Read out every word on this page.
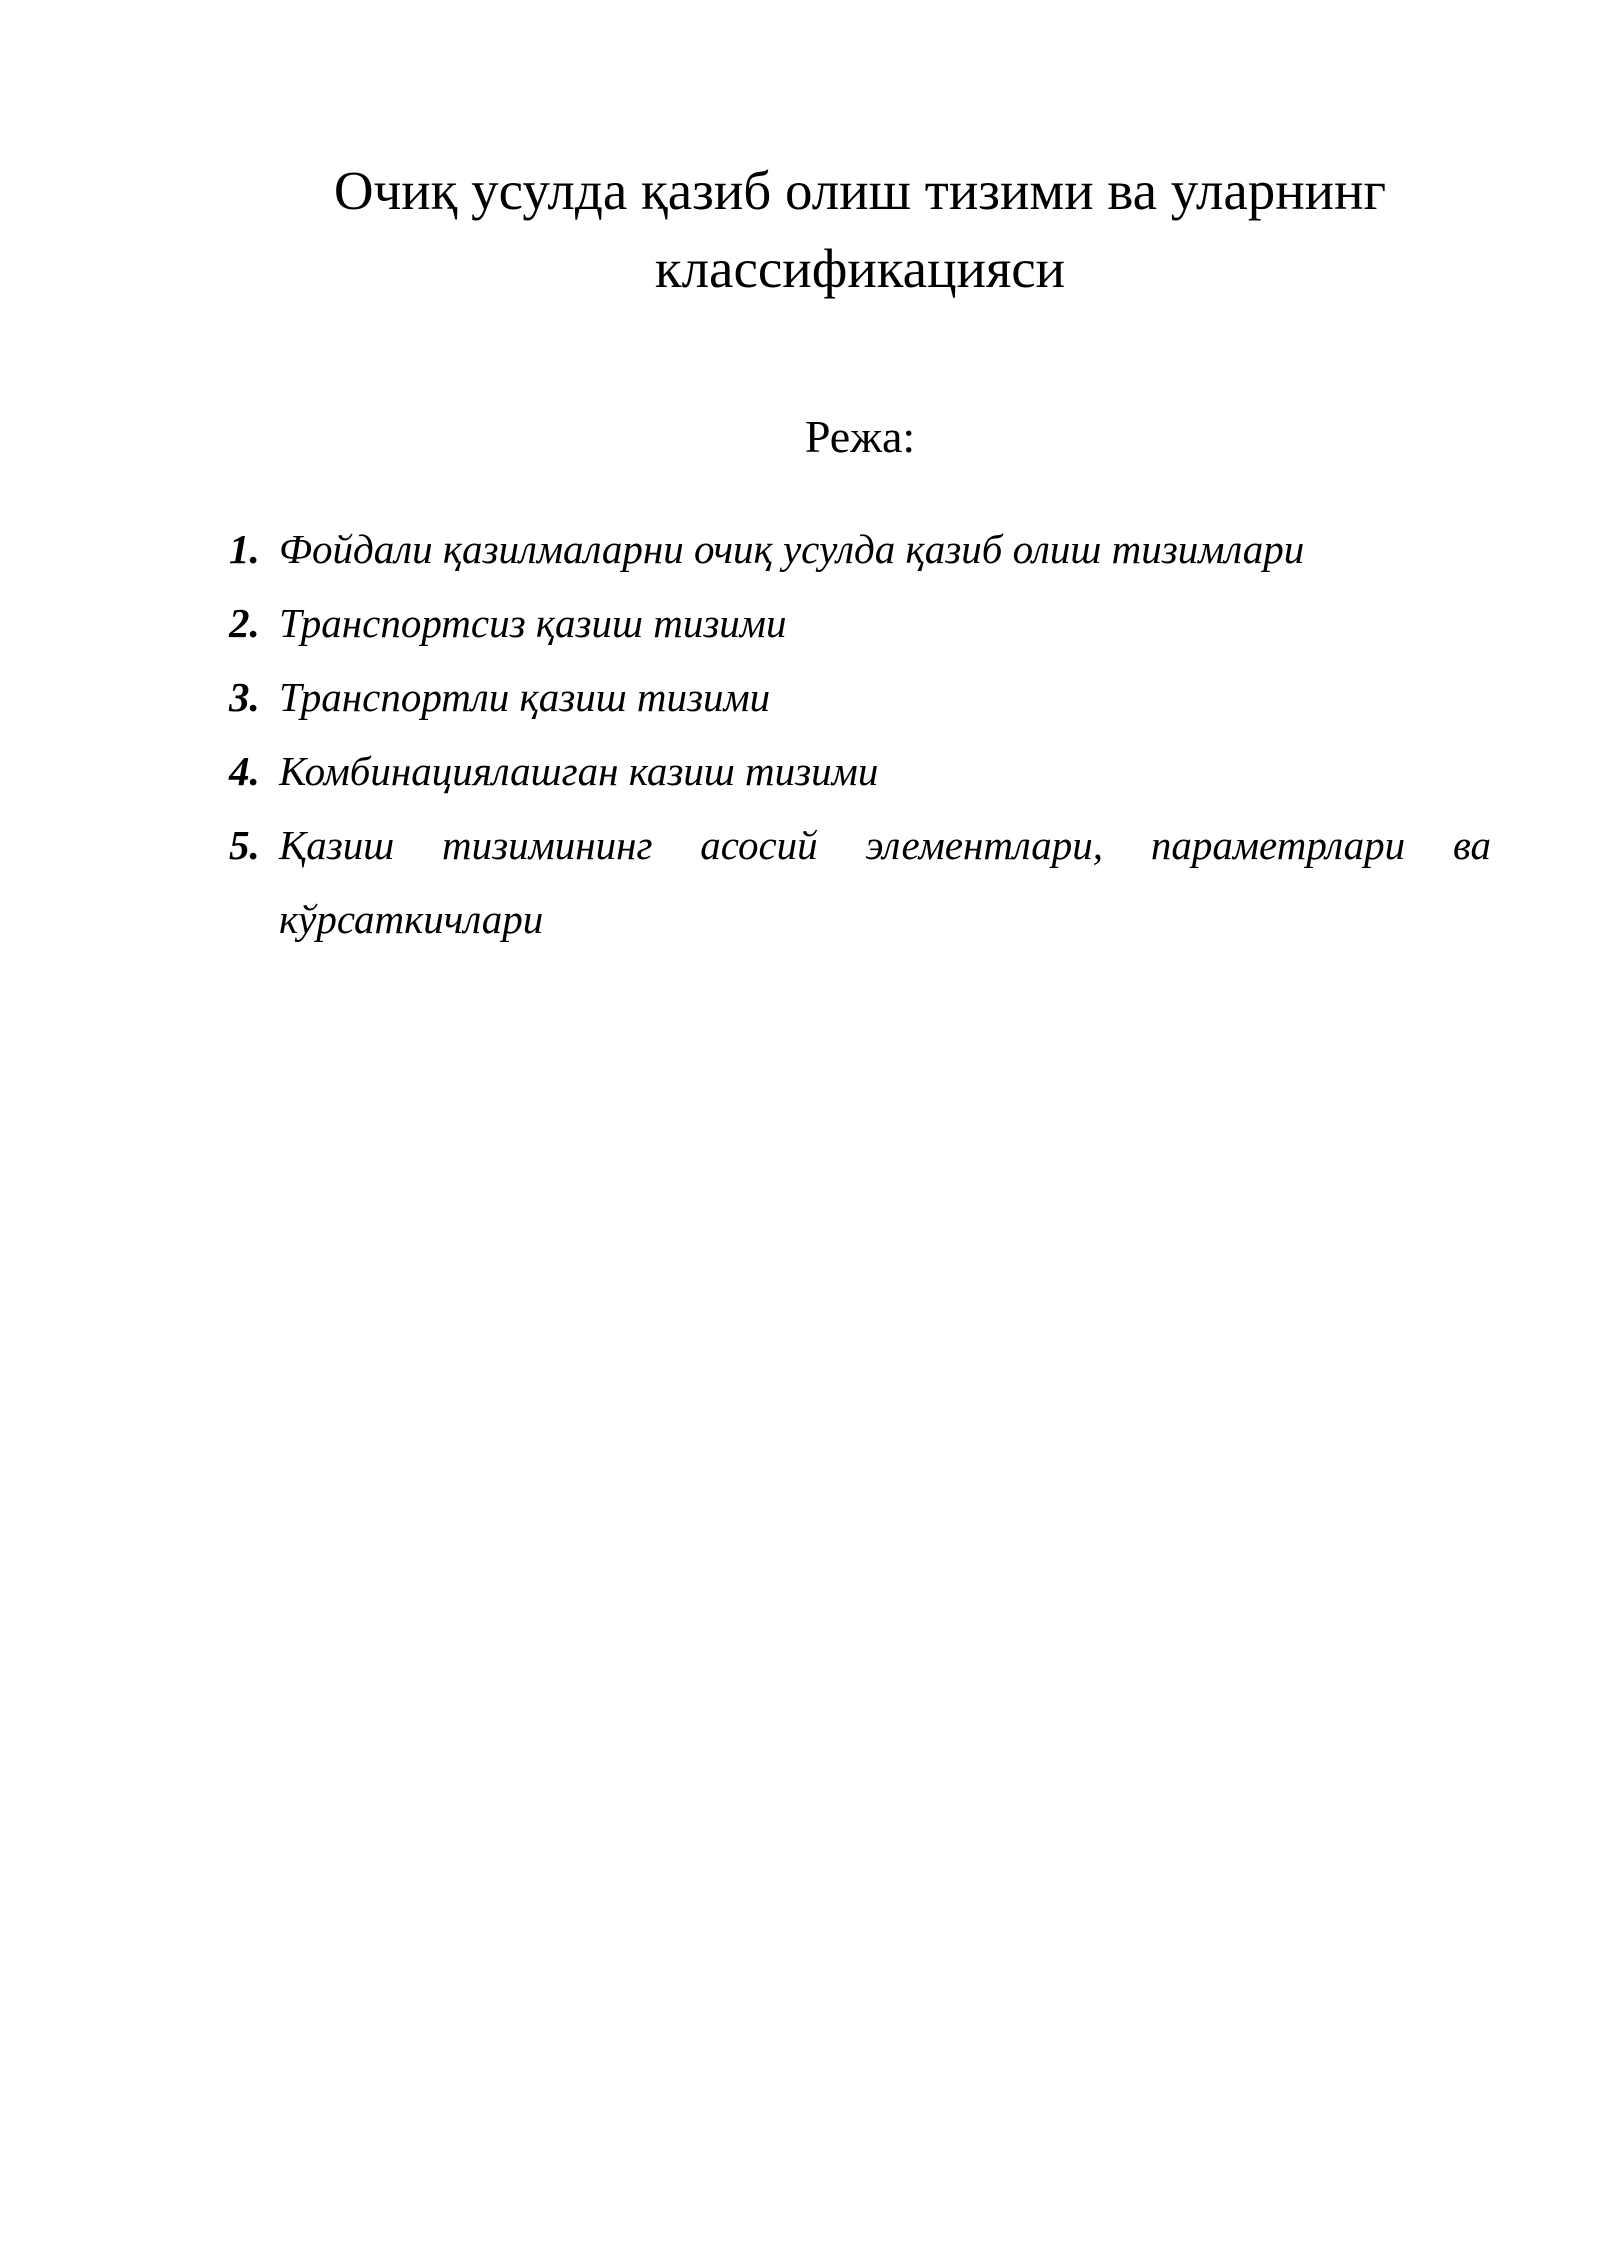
Очиқ усулда қазиб олиш тизими ва уларнинг
классификацияси
Режа:
1. Фойдали қазилмаларни очиқ усулда қазиб олиш тизимлари
2. Транспортсиз қазиш тизими
3. Транспортли қазиш тизими
4. Комбинациялашган казиш тизими
5. Қазиш тизимининг асосий элементлари, параметрлари ва кўрсаткичлари
